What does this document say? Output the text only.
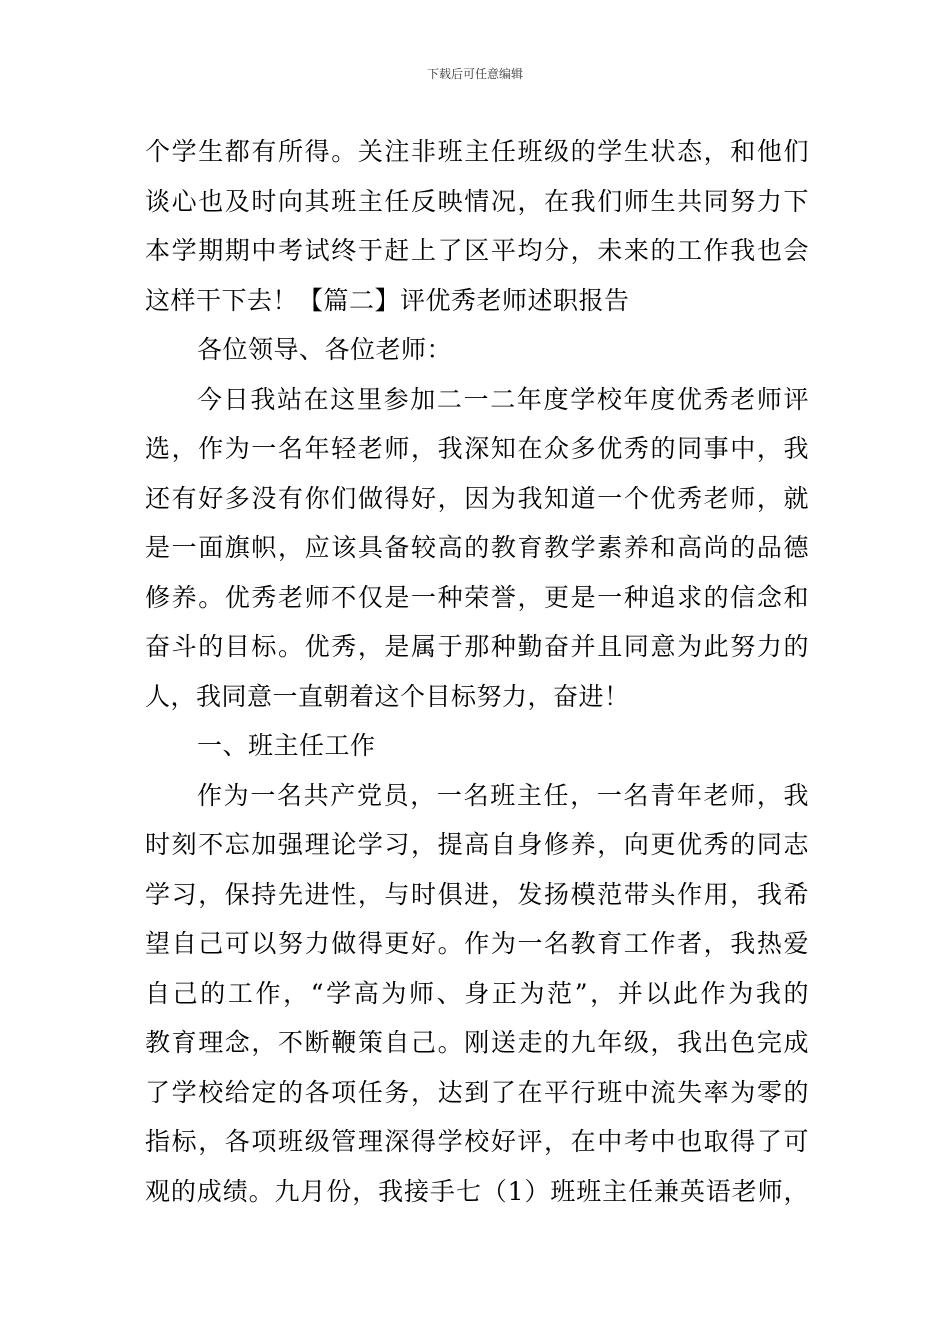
下载后可任意编辑
个学生都有所得。关注非班主任班级的学生状态，和他们
谈心也及时向其班主任反映情况，在我们师生共同努力下
本学期期中考试终于赶上了区平均分，未来的工作我也会
这样干下去！【篇二】评优秀老师述职报告
各位领导、各位老师：
今日我站在这里参加二一二年度学校年度优秀老师评
选，作为一名年轻老师，我深知在众多优秀的同事中，我
还有好多没有你们做得好，因为我知道一个优秀老师，就
是一面旗帜，应该具备较高的教育教学素养和高尚的品德
修养。优秀老师不仅是一种荣誉，更是一种追求的信念和
奋斗的目标。优秀，是属于那种勤奋并且同意为此努力的
人，我同意一直朝着这个目标努力，奋进！
一、班主任工作
作为一名共产党员，一名班主任，一名青年老师，我
时刻不忘加强理论学习，提高自身修养，向更优秀的同志
学习，保持先进性，与时俱进，发扬模范带头作用，我希
望自己可以努力做得更好。作为一名教育工作者，我热爱
自己的工作，“学高为师、身正为范”，并以此作为我的
教育理念，不断鞭策自己。刚送走的九年级，我出色完成
了学校给定的各项任务，达到了在平行班中流失率为零的
指标，各项班级管理深得学校好评，在中考中也取得了可
观的成绩。九月份，我接手七（1）班班主任兼英语老师，
